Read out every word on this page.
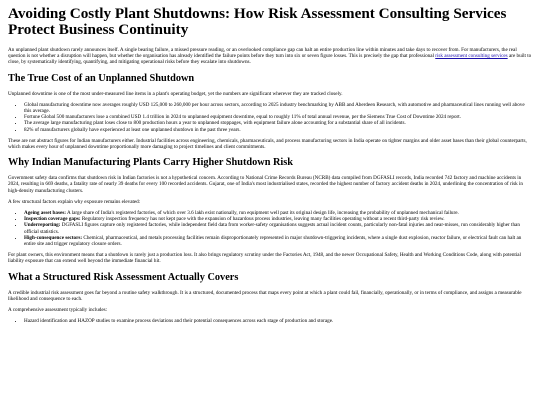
Avoiding Costly Plant Shutdowns: How Risk Assessment Consulting Services Protect Business Continuity

An unplanned plant shutdown rarely announces itself. A single bearing failure, a missed pressure reading, or an overlooked compliance gap can halt an entire production line within minutes and take days to recover from. For manufacturers, the real question is not whether a disruption will happen, but whether the organisation has already identified the failure points before they turn into six or seven figure losses. This is precisely the gap that professional risk assessment consulting services are built to close, by systematically identifying, quantifying, and mitigating operational risks before they escalate into shutdowns.

The True Cost of an Unplanned Shutdown

Unplanned downtime is one of the most under-measured line items in a plant's operating budget, yet the numbers are significant wherever they are tracked closely.

• Global manufacturing downtime now averages roughly USD 125,000 to 260,000 per hour across sectors, according to 2025 industry benchmarking by ABB and Aberdeen Research, with automotive and pharmaceutical lines running well above this average.
• Fortune Global 500 manufacturers lose a combined USD 1.4 trillion in 2024 to unplanned equipment downtime, equal to roughly 11% of total annual revenue, per the Siemens True Cost of Downtime 2024 report.
• The average large manufacturing plant loses close to 800 production hours a year to unplanned stoppages, with equipment failure alone accounting for a substantial share of all incidents.
• 82% of manufacturers globally have experienced at least one unplanned shutdown in the past three years.

These are not abstract figures for Indian manufacturers either. Industrial facilities across engineering, chemicals, pharmaceuticals, and process manufacturing sectors in India operate on tighter margins and older asset bases than their global counterparts, which makes every hour of unplanned downtime proportionally more damaging to project timelines and client commitments.

Why Indian Manufacturing Plants Carry Higher Shutdown Risk

Government safety data confirms that shutdown risk in Indian factories is not a hypothetical concern. According to National Crime Records Bureau (NCRB) data compiled from DGFASLI records, India recorded 742 factory and machine accidents in 2024, resulting in 669 deaths, a fatality rate of nearly 39 deaths for every 100 recorded accidents. Gujarat, one of India's most industrialised states, recorded the highest number of factory accident deaths in 2024, underlining the concentration of risk in high-density manufacturing clusters.

A few structural factors explain why exposure remains elevated:

• Ageing asset bases: A large share of India's registered factories, of which over 3.6 lakh exist nationally, run equipment well past its original design life, increasing the probability of unplanned mechanical failure.
• Inspection coverage gaps: Regulatory inspection frequency has not kept pace with the expansion of hazardous process industries, leaving many facilities operating without a recent third-party risk review.
• Underreporting: DGFASLI figures capture only registered factories, while independent field data from worker-safety organisations suggests actual incident counts, particularly non-fatal injuries and near-misses, run considerably higher than official statistics.
• High-consequence sectors: Chemical, pharmaceutical, and metals processing facilities remain disproportionately represented in major shutdown-triggering incidents, where a single dust explosion, reactor failure, or electrical fault can halt an entire site and trigger regulatory closure orders.

For plant owners, this environment means that a shutdown is rarely just a production loss. It also brings regulatory scrutiny under the Factories Act, 1948, and the newer Occupational Safety, Health and Working Conditions Code, along with potential liability exposure that can extend well beyond the immediate financial hit.

What a Structured Risk Assessment Actually Covers

A credible industrial risk assessment goes far beyond a routine safety walkthrough. It is a structured, documented process that maps every point at which a plant could fail, financially, operationally, or in terms of compliance, and assigns a measurable likelihood and consequence to each.

A comprehensive assessment typically includes:

• Hazard identification and HAZOP studies to examine process deviations and their potential consequences across each stage of production and storage.
